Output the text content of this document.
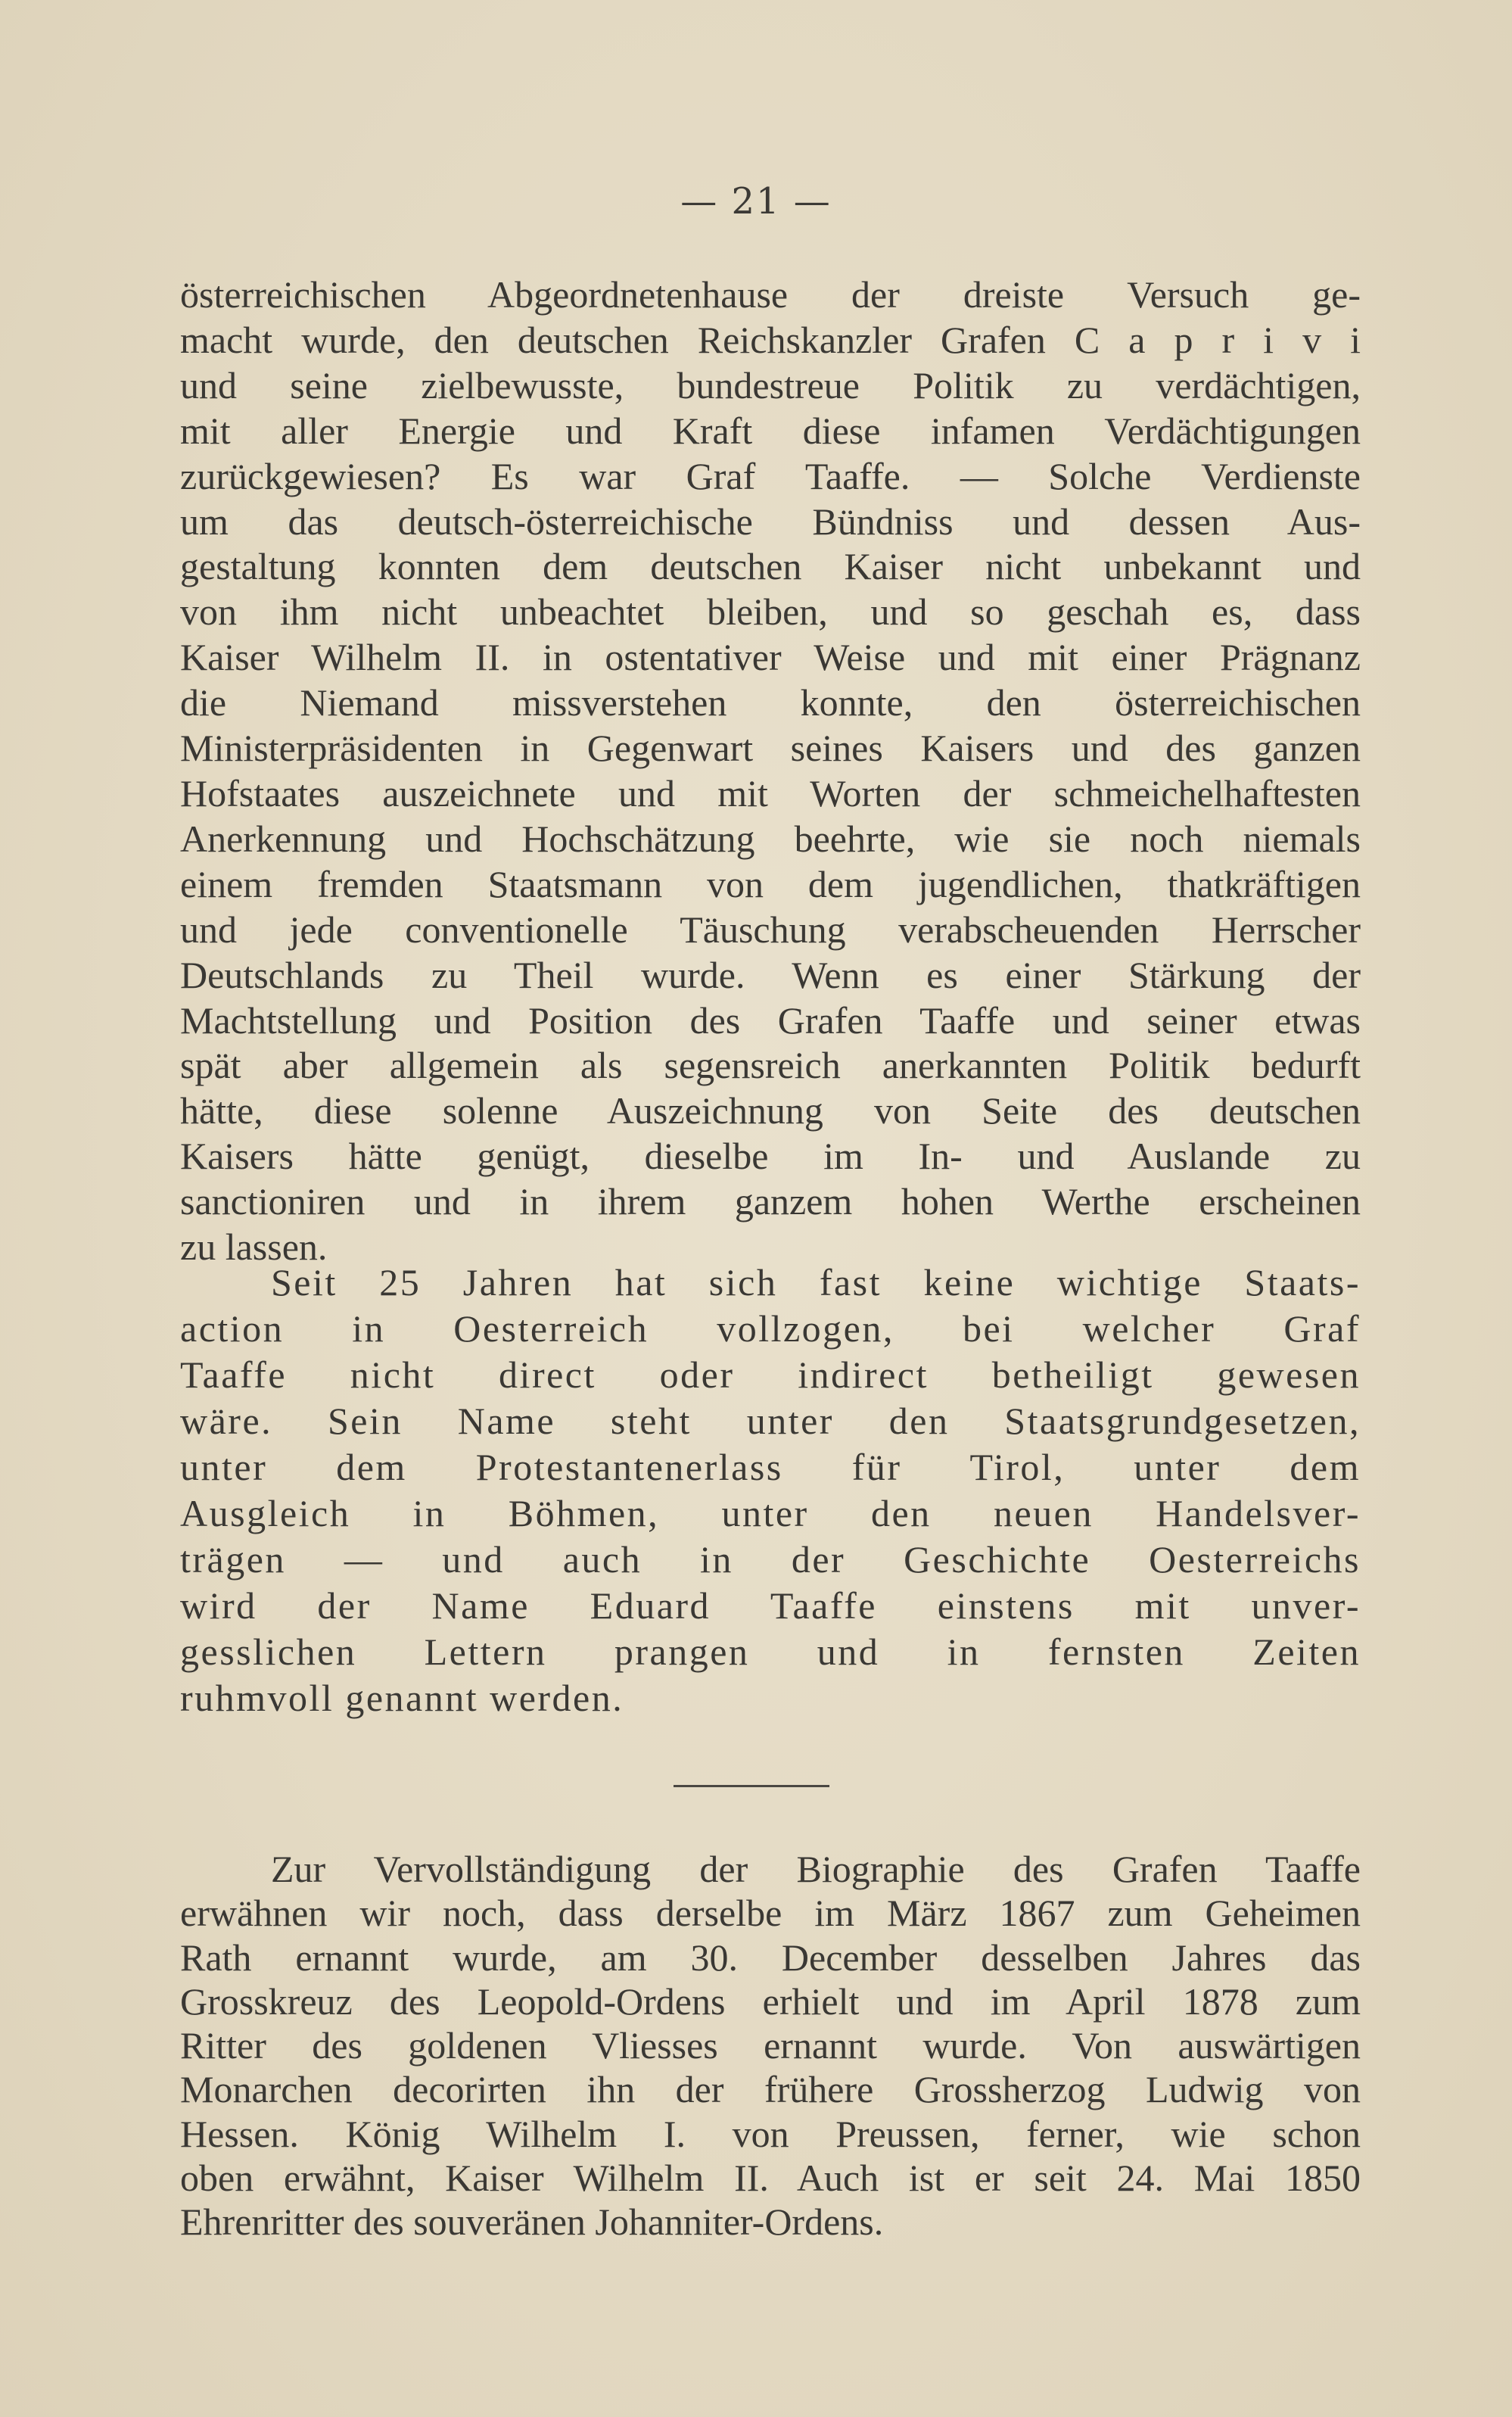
— 21 —
österreichischen Abgeordnetenhause der dreiste Versuch ge-
macht wurde, den deutschen Reichskanzler Grafen C a p r i v i
und seine zielbewusste, bundestreue Politik zu verdächtigen,
mit aller Energie und Kraft diese infamen Verdächtigungen
zurückgewiesen? Es war Graf Taaffe. — Solche Verdienste
um das deutsch-österreichische Bündniss und dessen Aus-
gestaltung konnten dem deutschen Kaiser nicht unbekannt und
von ihm nicht unbeachtet bleiben, und so geschah es, dass
Kaiser Wilhelm II. in ostentativer Weise und mit einer Prägnanz
die Niemand missverstehen konnte, den österreichischen
Ministerpräsidenten in Gegenwart seines Kaisers und des ganzen
Hofstaates auszeichnete und mit Worten der schmeichelhaftesten
Anerkennung und Hochschätzung beehrte, wie sie noch niemals
einem fremden Staatsmann von dem jugendlichen, thatkräftigen
und jede conventionelle Täuschung verabscheuenden Herrscher
Deutschlands zu Theil wurde. Wenn es einer Stärkung der
Machtstellung und Position des Grafen Taaffe und seiner etwas
spät aber allgemein als segensreich anerkannten Politik bedurft
hätte, diese solenne Auszeichnung von Seite des deutschen
Kaisers hätte genügt, dieselbe im In- und Auslande zu
sanctioniren und in ihrem ganzem hohen Werthe erscheinen
zu lassen.
Seit 25 Jahren hat sich fast keine wichtige Staats-
action in Oesterreich vollzogen, bei welcher Graf
Taaffe nicht direct oder indirect betheiligt gewesen
wäre. Sein Name steht unter den Staatsgrundgesetzen,
unter dem Protestantenerlass für Tirol, unter dem
Ausgleich in Böhmen, unter den neuen Handelsver-
trägen — und auch in der Geschichte Oesterreichs
wird der Name Eduard Taaffe einstens mit unver-
gesslichen Lettern prangen und in fernsten Zeiten
ruhmvoll genannt werden.
Zur Vervollständigung der Biographie des Grafen Taaffe
erwähnen wir noch, dass derselbe im März 1867 zum Geheimen
Rath ernannt wurde, am 30. December desselben Jahres das
Grosskreuz des Leopold-Ordens erhielt und im April 1878 zum
Ritter des goldenen Vliesses ernannt wurde. Von auswärtigen
Monarchen decorirten ihn der frühere Grossherzog Ludwig von
Hessen. König Wilhelm I. von Preussen, ferner, wie schon
oben erwähnt, Kaiser Wilhelm II. Auch ist er seit 24. Mai 1850
Ehrenritter des souveränen Johanniter-Ordens.
